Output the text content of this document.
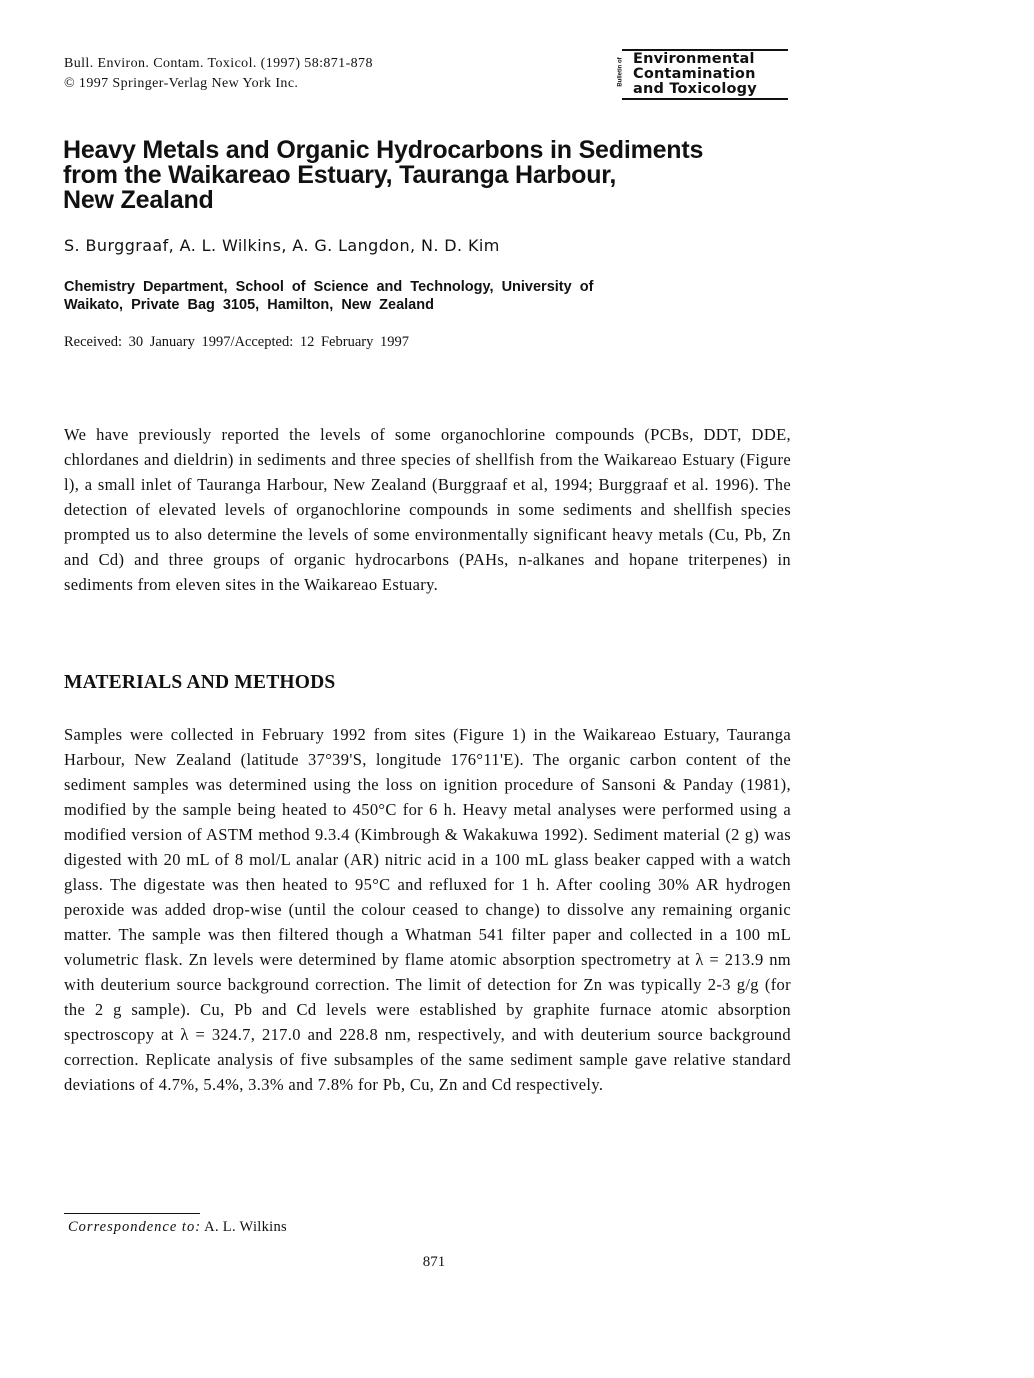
Bull. Environ. Contam. Toxicol. (1997) 58:871-878
© 1997 Springer-Verlag New York Inc.	Bulletin of Environmental
Contamination
and Toxicology
Heavy Metals and Organic Hydrocarbons in Sediments
from the Waikareao Estuary, Tauranga Harbour,
New Zealand
S. Burggraaf, A. L. Wilkins, A. G. Langdon, N. D. Kim
Chemistry Department, School of Science and Technology, University of
Waikato, Private Bag 3105, Hamilton, New Zealand
Received: 30 January 1997/Accepted: 12 February 1997

We have previously reported the levels of some organochlorine compounds (PCBs, DDT, DDE, chlordanes and dieldrin) in sediments and three species of shellfish from the Waikareao Estuary (Figure l), a small inlet of Tauranga Harbour, New Zealand (Burggraaf et al, 1994; Burggraaf et al. 1996). The detection of elevated levels of organochlorine compounds in some sediments and shellfish species prompted us to also determine the levels of some environmentally significant heavy metals (Cu, Pb, Zn and Cd) and three groups of organic hydrocarbons (PAHs, n-alkanes and hopane triterpenes) in sediments from eleven sites in the Waikareao Estuary.

MATERIALS AND METHODS

Samples were collected in February 1992 from sites (Figure 1) in the Waikareao Estuary, Tauranga Harbour, New Zealand (latitude 37°39'S, longitude 176°11'E). The organic carbon content of the sediment samples was determined using the loss on ignition procedure of Sansoni & Panday (1981), modified by the sample being heated to 450°C for 6 h. Heavy metal analyses were performed using a modified version of ASTM method 9.3.4 (Kimbrough & Wakakuwa 1992). Sediment material (2 g) was digested with 20 mL of 8 mol/L analar (AR) nitric acid in a 100 mL glass beaker capped with a watch glass. The digestate was then heated to 95°C and refluxed for 1 h. After cooling 30% AR hydrogen peroxide was added drop-wise (until the colour ceased to change) to dissolve any remaining organic matter. The sample was then filtered though a Whatman 541 filter paper and collected in a 100 mL volumetric flask. Zn levels were determined by flame atomic absorption spectrometry at λ = 213.9 nm with deuterium source background correction. The limit of detection for Zn was typically 2-3 g/g (for the 2 g sample). Cu, Pb and Cd levels were established by graphite furnace atomic absorption spectroscopy at λ = 324.7, 217.0 and 228.8 nm, respectively, and with deuterium source background correction. Replicate analysis of five subsamples of the same sediment sample gave relative standard deviations of 4.7%, 5.4%, 3.3% and 7.8% for Pb, Cu, Zn and Cd respectively.

Correspondence to: A. L. Wilkins
871
